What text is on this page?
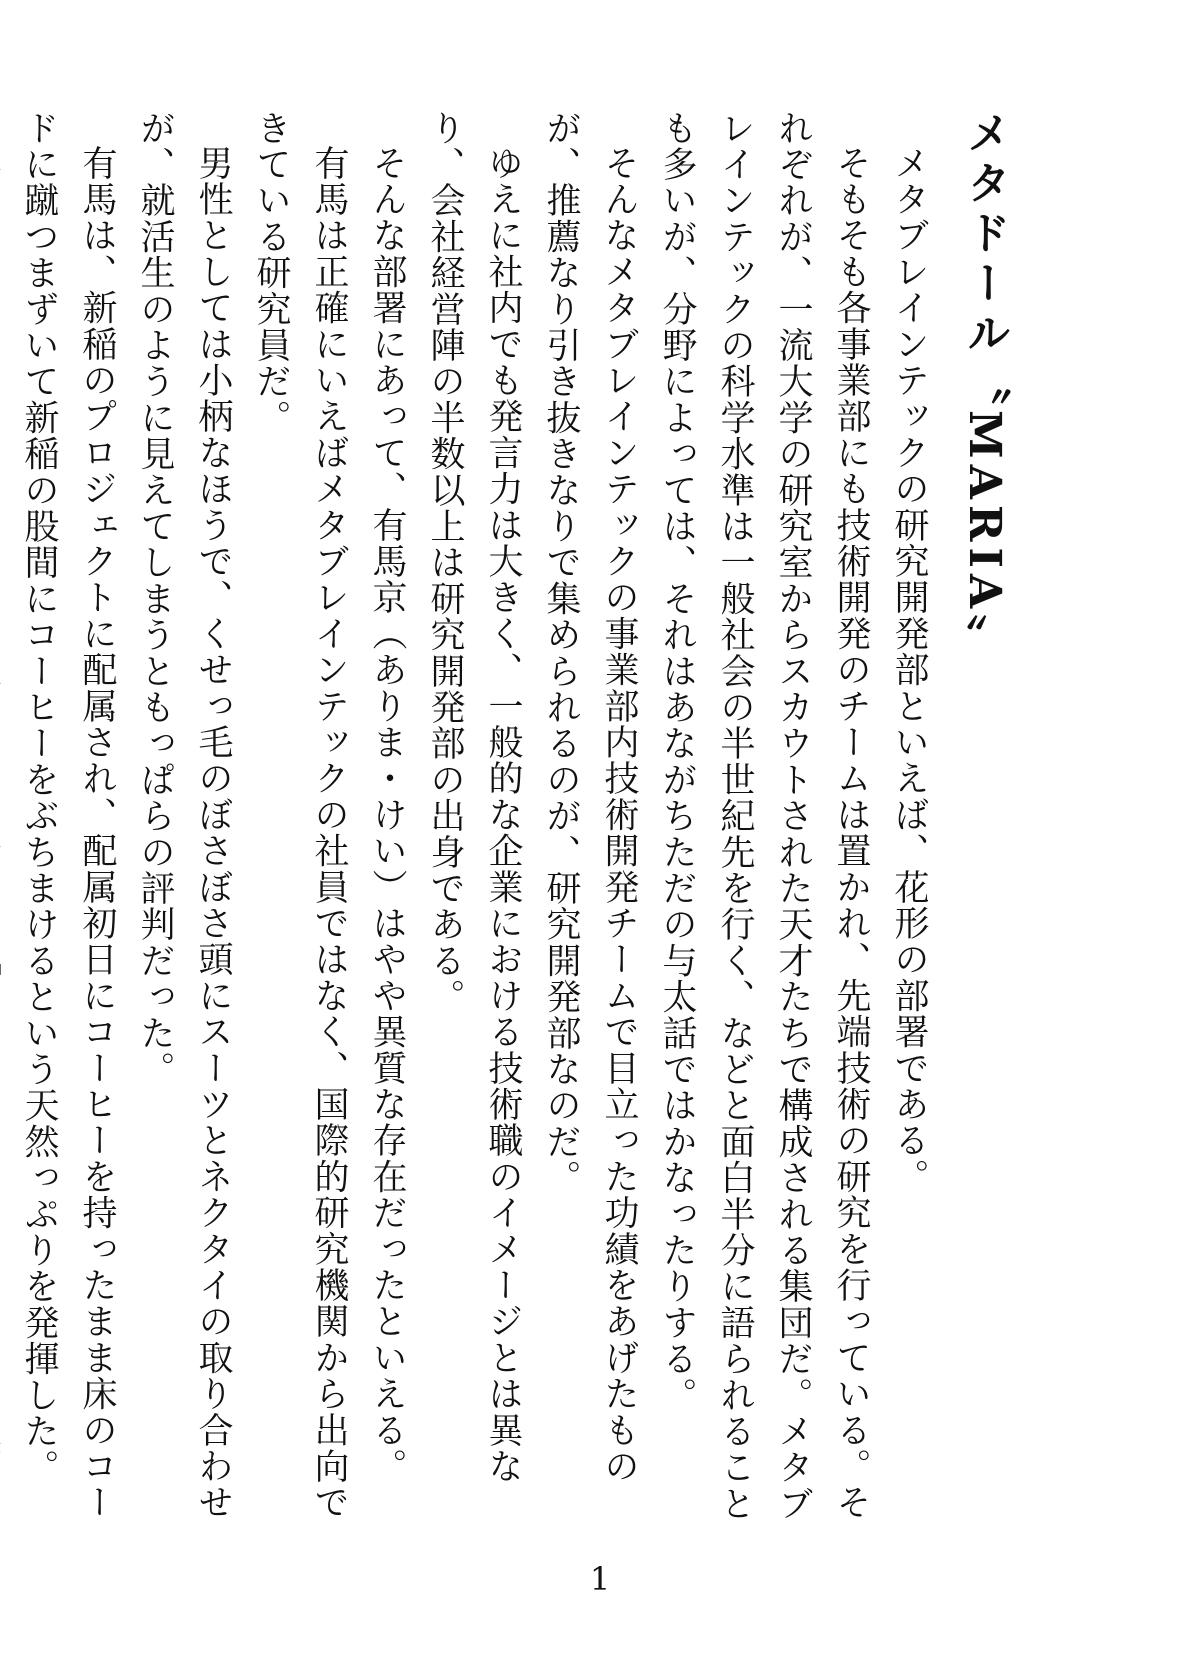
メタドール〝MARIA〟

メタブレインテックの研究開発部といえば、花形の部署である。

そもそも各事業部にも技術開発のチームは置かれ、先端技術の研究を行っている。それぞれが、一流大学の研究室からスカウトされた天才たちで構成される集団だ。メタブレインテックの科学水準は一般社会の半世紀先を行く、などと面白半分に語られることも多いが、分野によっては、それはあながちただの与太話ではかなったりする。

そんなメタブレインテックの事業部内技術開発チームで目立った功績をあげたものが、推薦なり引き抜きなりで集められるのが、研究開発部なのだ。

ゆえに社内でも発言力は大きく、一般的な企業における技術職のイメージとは異なり、会社経営陣の半数以上は研究開発部の出身である。

そんな部署にあって、有馬京（ありま・けい）はやや異質な存在だったといえる。

有馬は正確にいえばメタブレインテックの社員ではなく、国際的研究機関から出向できている研究員だ。

男性としては小柄なほうで、くせっ毛のぼさぼさ頭にスーツとネクタイの取り合わせが、就活生のように見えてしまうともっぱらの評判だった。

有馬は、新稲のプロジェクトに配属され、配属初日にコーヒーを持ったまま床のコードに蹴つまずいて新稲の股間にコーヒーをぶちまけるという天然っぷりを発揮した。

1
